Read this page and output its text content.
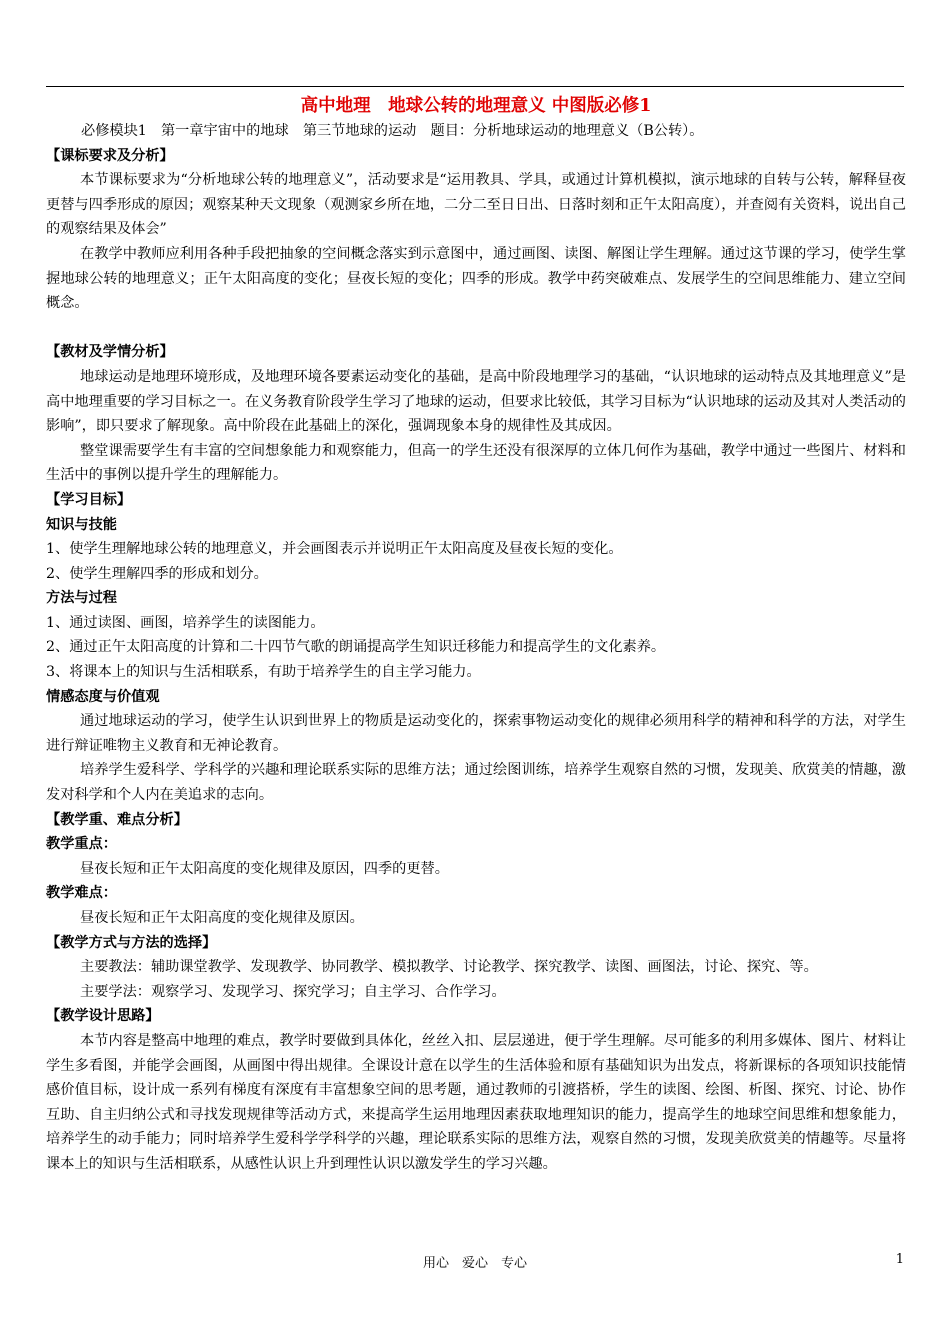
高中地理　地球公转的地理意义 中图版必修1
必修模块1　第一章宇宙中的地球　第三节地球的运动　题目：分析地球运动的地理意义（B公转）。
【课标要求及分析】

本节课标要求为“分析地球公转的地理意义”，活动要求是“运用教具、学具，或通过计算机模拟，演示地球的自转与公转，解释昼夜更替与四季形成的原因；观察某种天文现象（观测家乡所在地，二分二至日日出、日落时刻和正午太阳高度），并查阅有关资料，说出自己的观察结果及体会”

在教学中教师应利用各种手段把抽象的空间概念落实到示意图中，通过画图、读图、解图让学生理解。通过这节课的学习，使学生掌握地球公转的地理意义；正午太阳高度的变化；昼夜长短的变化；四季的形成。教学中药突破难点、发展学生的空间思维能力、建立空间概念。

【教材及学情分析】

地球运动是地理环境形成，及地理环境各要素运动变化的基础，是高中阶段地理学习的基础，“认识地球的运动特点及其地理意义”是高中地理重要的学习目标之一。在义务教育阶段学生学习了地球的运动，但要求比较低，其学习目标为“认识地球的运动及其对人类活动的影响”，即只要求了解现象。高中阶段在此基础上的深化，强调现象本身的规律性及其成因。

整堂课需要学生有丰富的空间想象能力和观察能力，但高一的学生还没有很深厚的立体几何作为基础，教学中通过一些图片、材料和生活中的事例以提升学生的理解能力。

【学习目标】
知识与技能

1、使学生理解地球公转的地理意义，并会画图表示并说明正午太阳高度及昼夜长短的变化。

2、使学生理解四季的形成和划分。

方法与过程

1、通过读图、画图，培养学生的读图能力。

2、通过正午太阳高度的计算和二十四节气歌的朗诵提高学生知识迁移能力和提高学生的文化素养。

3、将课本上的知识与生活相联系，有助于培养学生的自主学习能力。

情感态度与价值观

通过地球运动的学习，使学生认识到世界上的物质是运动变化的，探索事物运动变化的规律必须用科学的精神和科学的方法，对学生进行辩证唯物主义教育和无神论教育。

培养学生爱科学、学科学的兴趣和理论联系实际的思维方法；通过绘图训练，培养学生观察自然的习惯，发现美、欣赏美的情趣，激发对科学和个人内在美追求的志向。

【教学重、难点分析】
教学重点：

昼夜长短和正午太阳高度的变化规律及原因，四季的更替。

教学难点：

昼夜长短和正午太阳高度的变化规律及原因。

【教学方式与方法的选择】

主要教法：辅助课堂教学、发现教学、协同教学、模拟教学、讨论教学、探究教学、读图、画图法，讨论、探究、等。

主要学法：观察学习、发现学习、探究学习；自主学习、合作学习。

【教学设计思路】

本节内容是整高中地理的难点，教学时要做到具体化，丝丝入扣、层层递进，便于学生理解。尽可能多的利用多媒体、图片、材料让学生多看图，并能学会画图，从画图中得出规律。全课设计意在以学生的生活体验和原有基础知识为出发点，将新课标的各项知识技能情感价值目标，设计成一系列有梯度有深度有丰富想象空间的思考题，通过教师的引渡搭桥，学生的读图、绘图、析图、探究、讨论、协作互助、自主归纳公式和寻找发现规律等活动方式，来提高学生运用地理因素获取地理知识的能力，提高学生的地球空间思维和想象能力，培养学生的动手能力；同时培养学生爱科学学科学的兴趣，理论联系实际的思维方法，观察自然的习惯，发现美欣赏美的情趣等。尽量将课本上的知识与生活相联系，从感性认识上升到理性认识以激发学生的学习兴趣。

用心　爱心　专心	1
